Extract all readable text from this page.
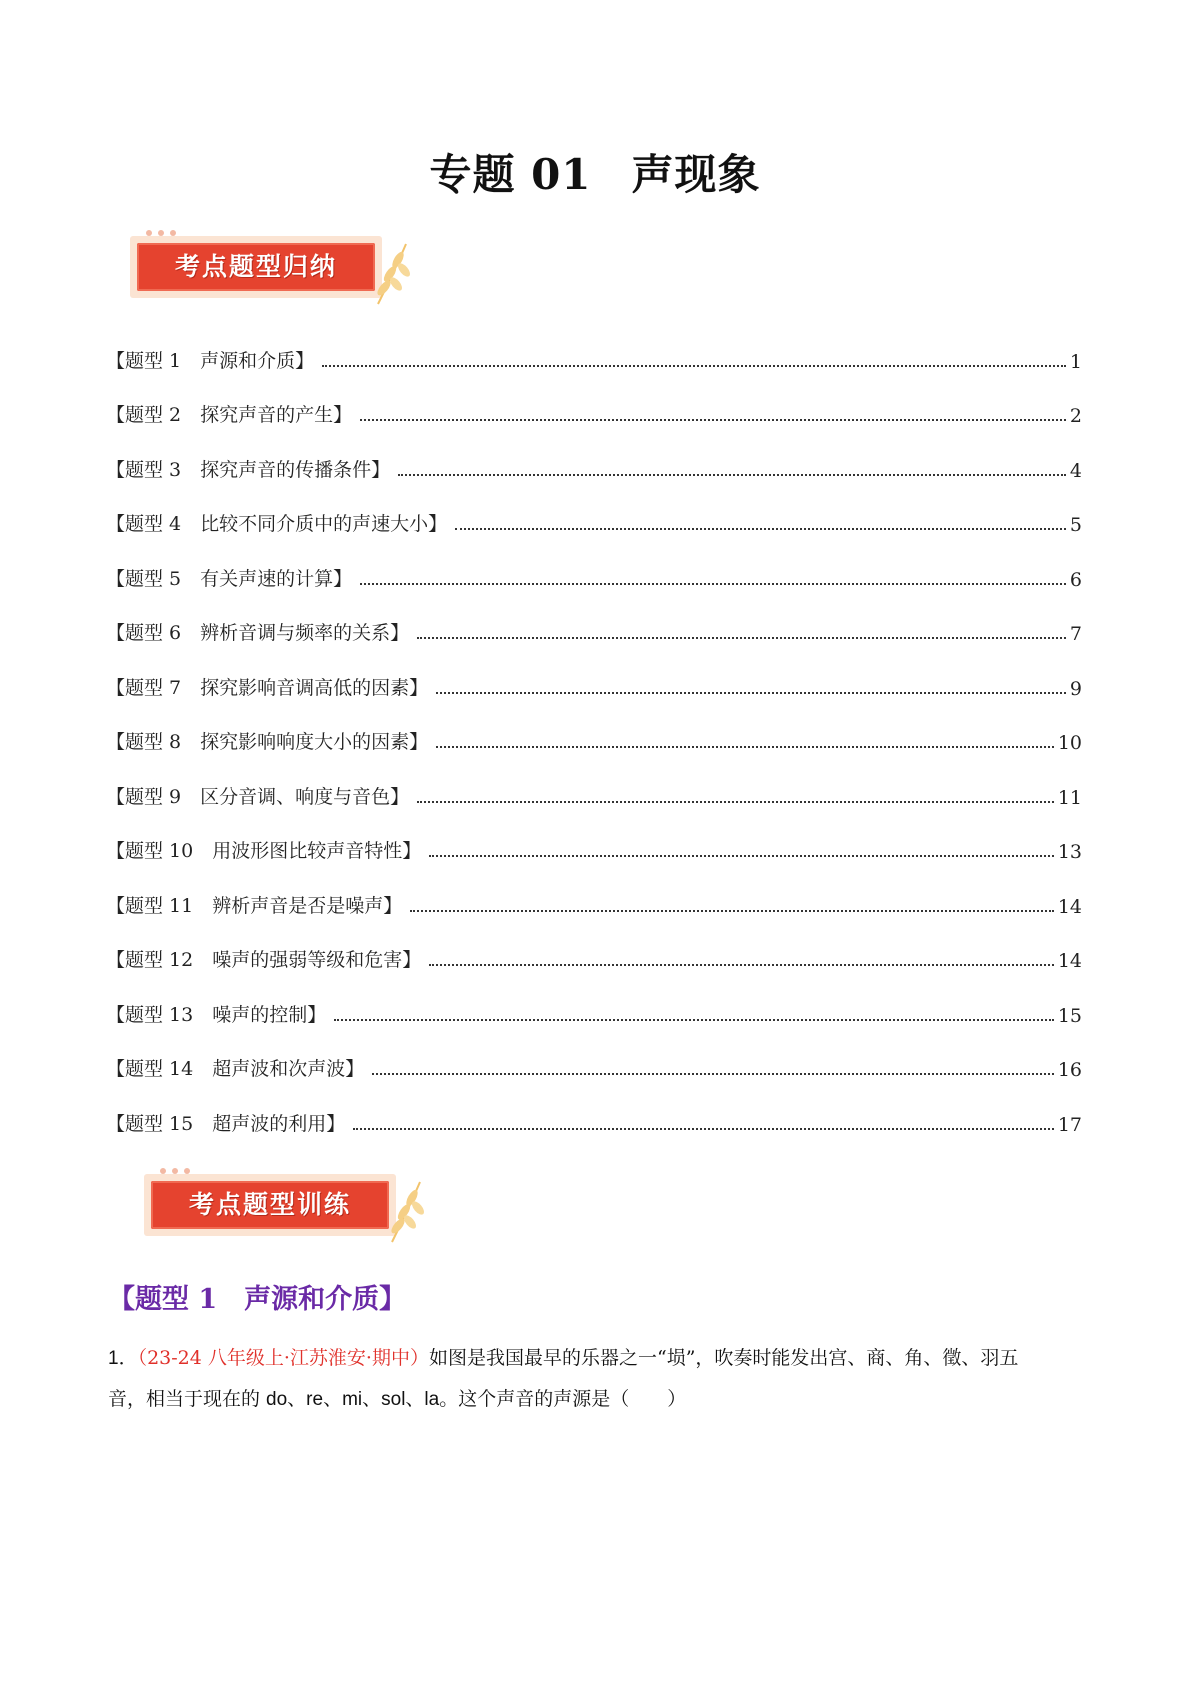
专题 01 声现象
考点题型归纳
【题型 1　声源和介质】	1
【题型 2　探究声音的产生】	2
【题型 3　探究声音的传播条件】	4
【题型 4　比较不同介质中的声速大小】	5
【题型 5　有关声速的计算】	6
【题型 6　辨析音调与频率的关系】	7
【题型 7　探究影响音调高低的因素】	9
【题型 8　探究影响响度大小的因素】	10
【题型 9　区分音调、响度与音色】	11
【题型 10　用波形图比较声音特性】	13
【题型 11　辨析声音是否是噪声】	14
【题型 12　噪声的强弱等级和危害】	14
【题型 13　噪声的控制】	15
【题型 14　超声波和次声波】	16
【题型 15　超声波的利用】	17
考点题型训练
【题型 1　声源和介质】
1．（23-24 八年级上·江苏淮安·期中）如图是我国最早的乐器之一“埙”，吹奏时能发出宫、商、角、徵、羽五
音，相当于现在的 do、re、mi、sol、la。这个声音的声源是（　　）
